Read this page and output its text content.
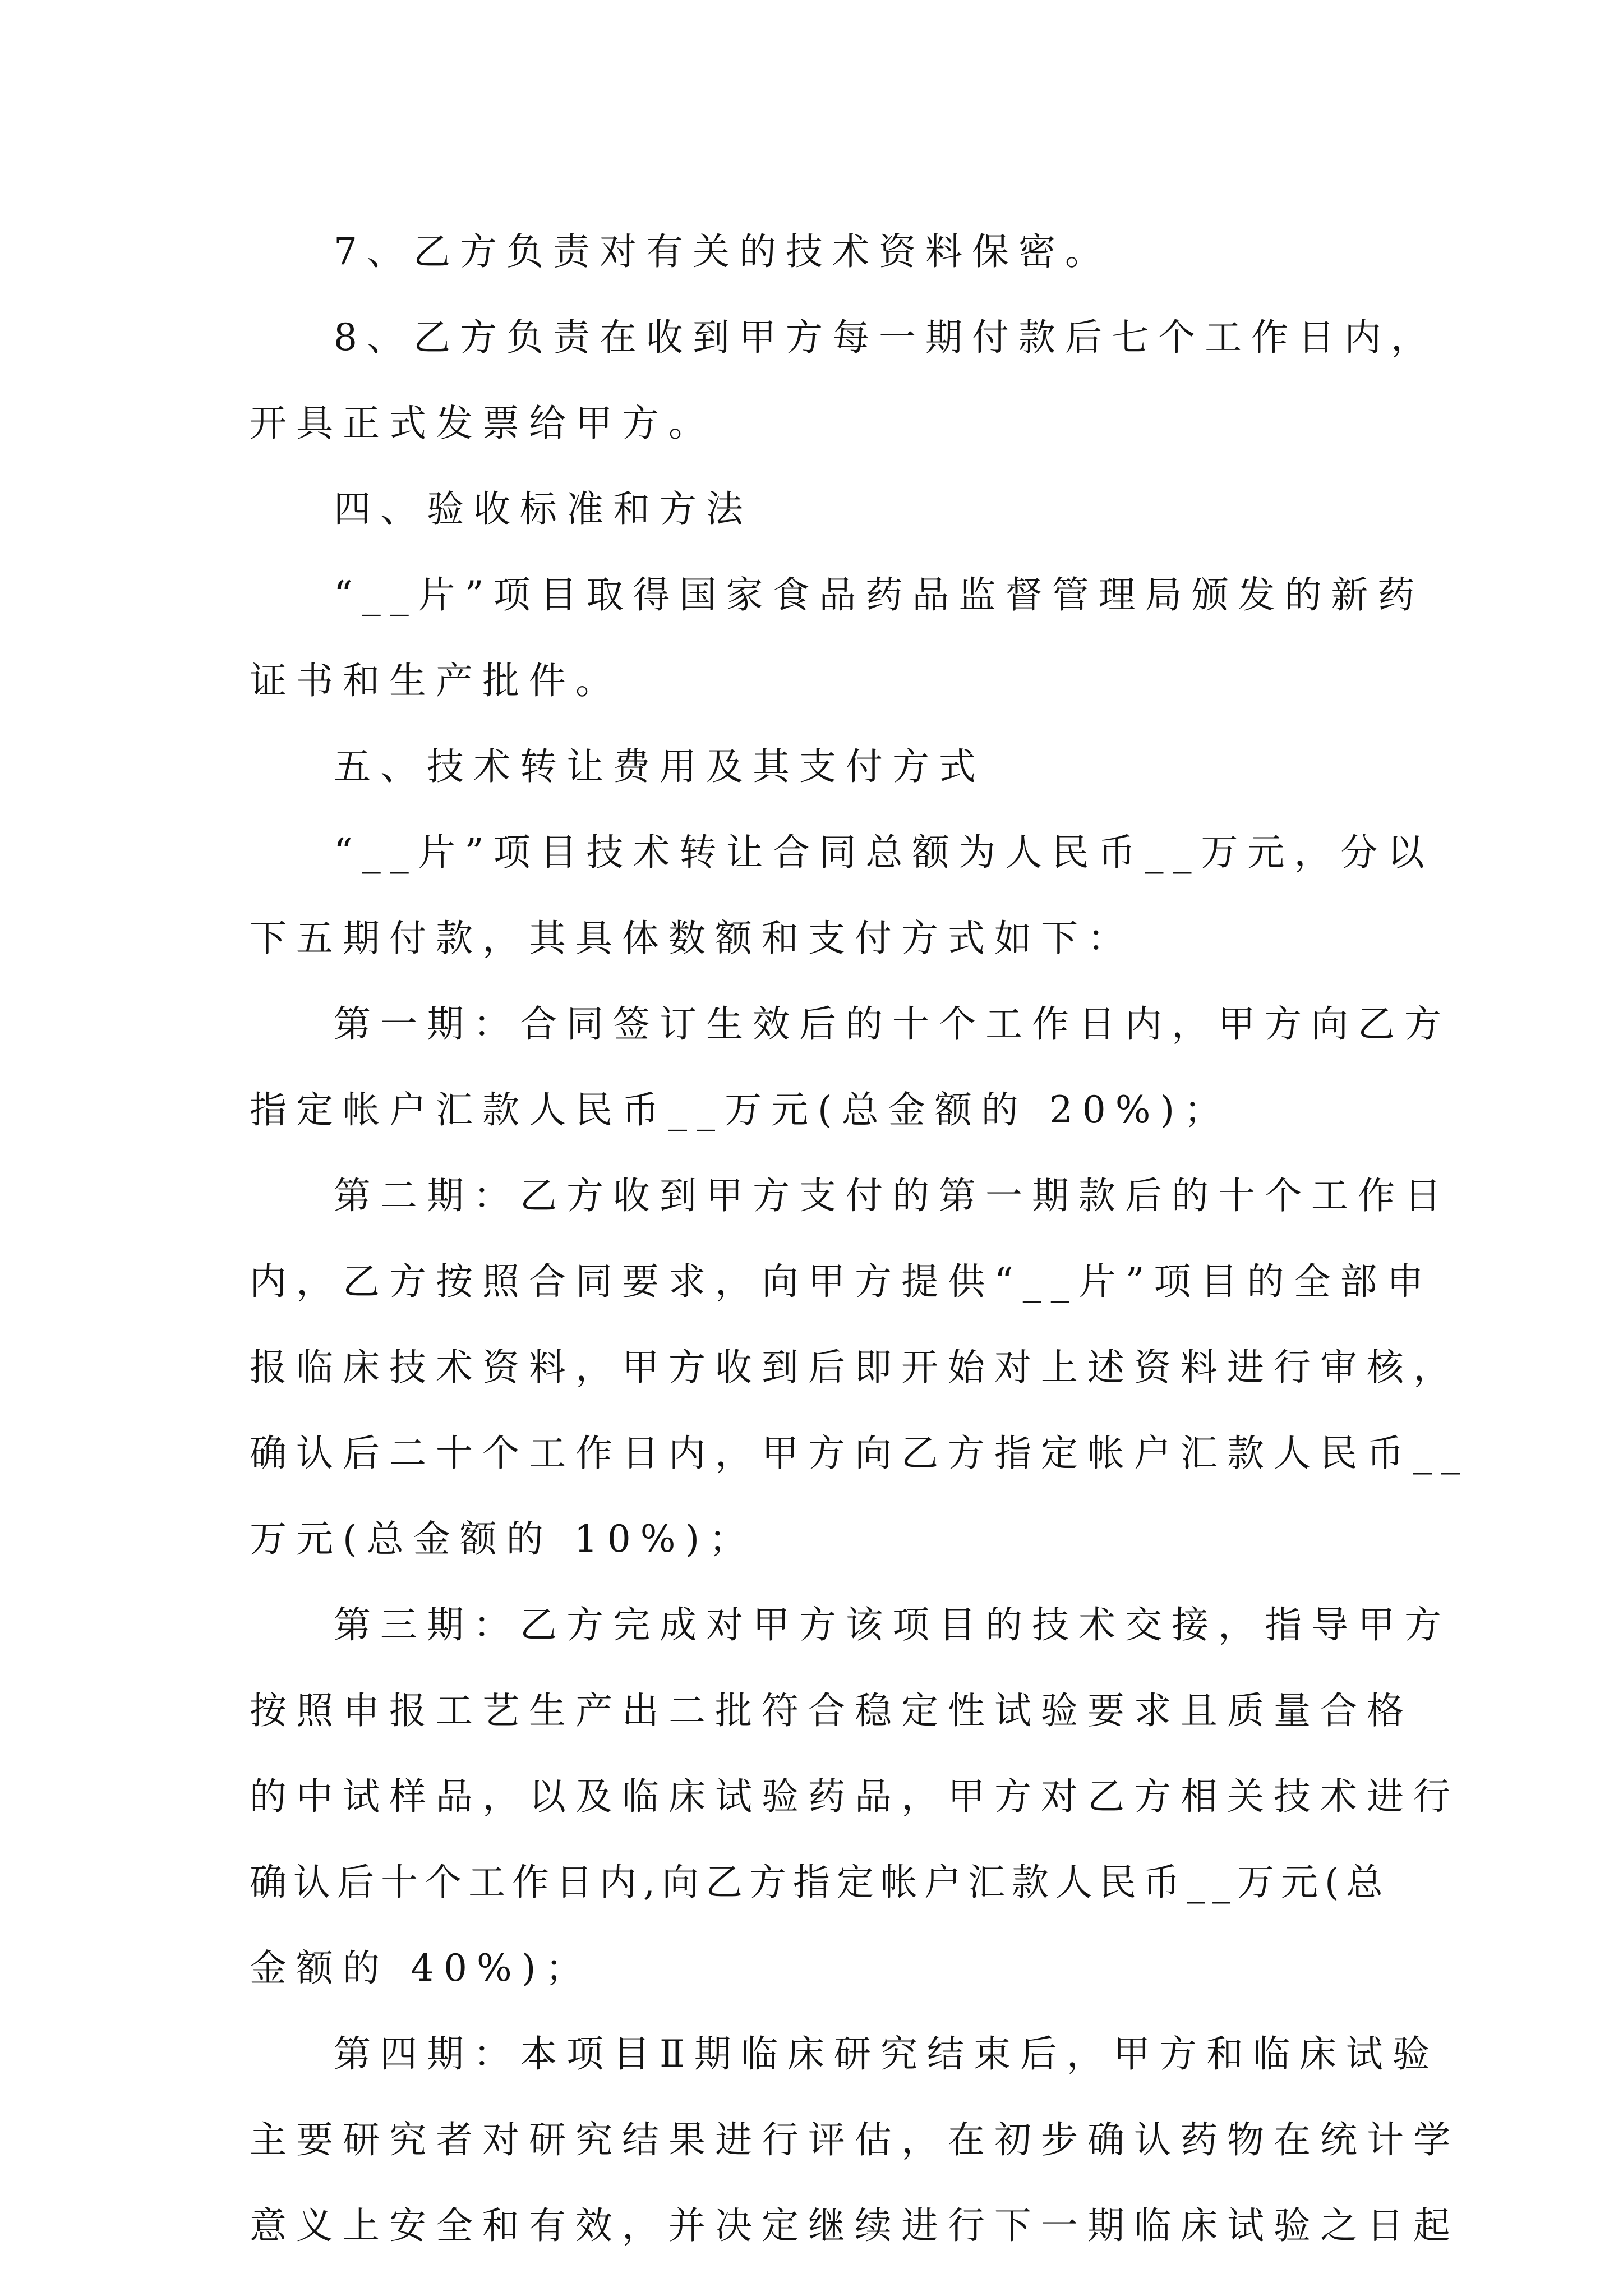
7、乙方负责对有关的技术资料保密。
8、乙方负责在收到甲方每一期付款后七个工作日内，
开具正式发票给甲方。
四、验收标准和方法
“__片”项目取得国家食品药品监督管理局颁发的新药
证书和生产批件。
五、技术转让费用及其支付方式
“__片”项目技术转让合同总额为人民币__万元，分以
下五期付款，其具体数额和支付方式如下：
第一期：合同签订生效后的十个工作日内，甲方向乙方
指定帐户汇款人民币__万元(总金额的 20%)；
第二期：乙方收到甲方支付的第一期款后的十个工作日
内，乙方按照合同要求，向甲方提供“__片”项目的全部申
报临床技术资料，甲方收到后即开始对上述资料进行审核，
确认后二十个工作日内，甲方向乙方指定帐户汇款人民币__
万元(总金额的 10%)；
第三期：乙方完成对甲方该项目的技术交接，指导甲方
按照申报工艺生产出二批符合稳定性试验要求且质量合格
的中试样品，以及临床试验药品，甲方对乙方相关技术进行
确认后十个工作日内,向乙方指定帐户汇款人民币__万元(总
金额的 40%)；
第四期：本项目Ⅱ期临床研究结束后，甲方和临床试验
主要研究者对研究结果进行评估，在初步确认药物在统计学
意义上安全和有效，并决定继续进行下一期临床试验之日起
